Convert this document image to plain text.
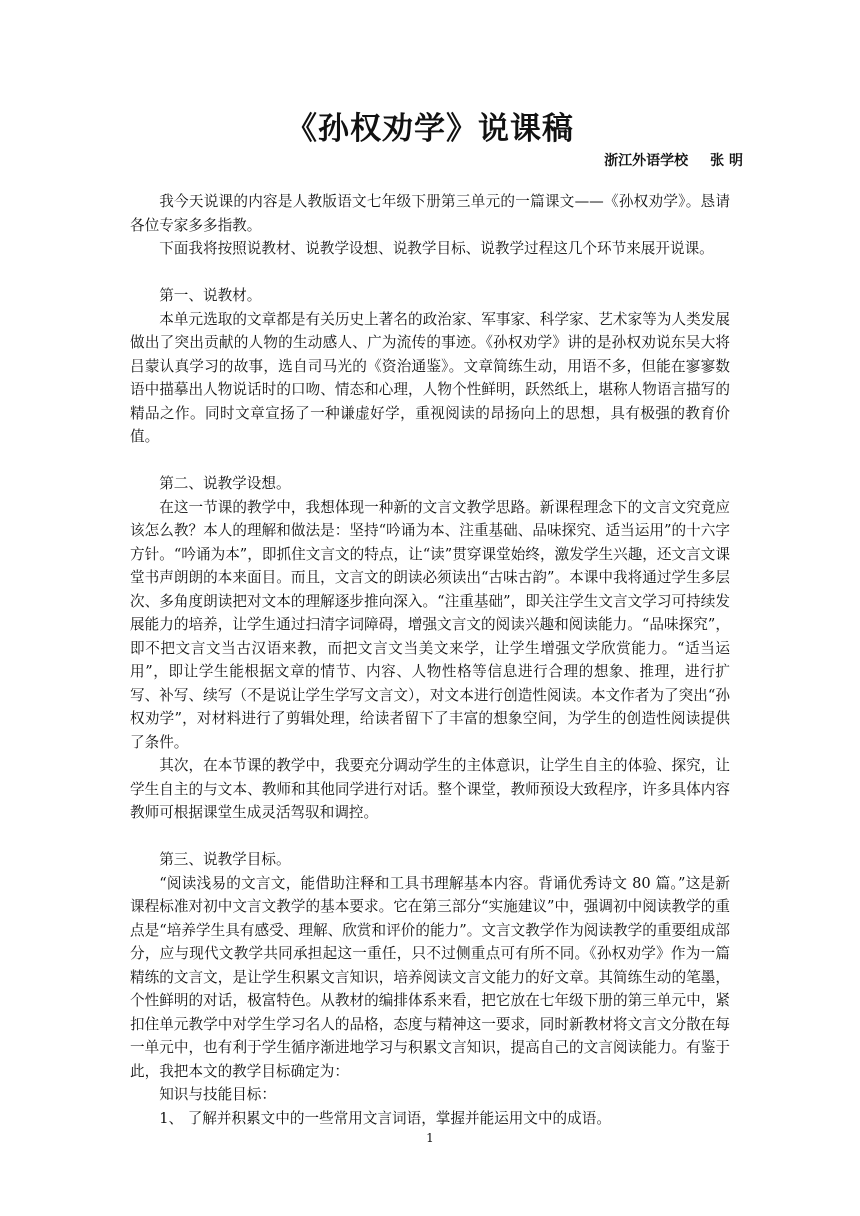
《孙权劝学》说课稿
浙江外语学校 张 明

我今天说课的内容是人教版语文七年级下册第三单元的一篇课文——《孙权劝学》。恳请各位专家多多指教。

下面我将按照说教材、说教学设想、说教学目标、说教学过程这几个环节来展开说课。

第一、说教材。

本单元选取的文章都是有关历史上著名的政治家、军事家、科学家、艺术家等为人类发展做出了突出贡献的人物的生动感人、广为流传的事迹。《孙权劝学》讲的是孙权劝说东吴大将吕蒙认真学习的故事，选自司马光的《资治通鉴》。文章简练生动，用语不多，但能在寥寥数语中描摹出人物说话时的口吻、情态和心理，人物个性鲜明，跃然纸上，堪称人物语言描写的精品之作。同时文章宣扬了一种谦虚好学，重视阅读的昂扬向上的思想，具有极强的教育价值。

第二、说教学设想。

在这一节课的教学中，我想体现一种新的文言文教学思路。新课程理念下的文言文究竟应该怎么教？本人的理解和做法是：坚持“吟诵为本、注重基础、品味探究、适当运用”的十六字方针。“吟诵为本”，即抓住文言文的特点，让“读”贯穿课堂始终，激发学生兴趣，还文言文课堂书声朗朗的本来面目。而且，文言文的朗读必须读出“古味古韵”。本课中我将通过学生多层次、多角度朗读把对文本的理解逐步推向深入。“注重基础”，即关注学生文言文学习可持续发展能力的培养，让学生通过扫清字词障碍，增强文言文的阅读兴趣和阅读能力。“品味探究”，即不把文言文当古汉语来教，而把文言文当美文来学，让学生增强文学欣赏能力。“适当运用”，即让学生能根据文章的情节、内容、人物性格等信息进行合理的想象、推理，进行扩写、补写、续写（不是说让学生学写文言文），对文本进行创造性阅读。本文作者为了突出“孙权劝学”，对材料进行了剪辑处理，给读者留下了丰富的想象空间，为学生的创造性阅读提供了条件。

其次，在本节课的教学中，我要充分调动学生的主体意识，让学生自主的体验、探究，让学生自主的与文本、教师和其他同学进行对话。整个课堂，教师预设大致程序，许多具体内容教师可根据课堂生成灵活驾驭和调控。

第三、说教学目标。

“阅读浅易的文言文，能借助注释和工具书理解基本内容。背诵优秀诗文 80 篇。”这是新课程标准对初中文言文教学的基本要求。它在第三部分“实施建议”中，强调初中阅读教学的重点是“培养学生具有感受、理解、欣赏和评价的能力”。文言文教学作为阅读教学的重要组成部分，应与现代文教学共同承担起这一重任，只不过侧重点可有所不同。《孙权劝学》作为一篇精练的文言文，是让学生积累文言知识，培养阅读文言文能力的好文章。其简练生动的笔墨，个性鲜明的对话，极富特色。从教材的编排体系来看，把它放在七年级下册的第三单元中，紧扣住单元教学中对学生学习名人的品格，态度与精神这一要求，同时新教材将文言文分散在每一单元中，也有利于学生循序渐进地学习与积累文言知识，提高自己的文言阅读能力。有鉴于此，我把本文的教学目标确定为：

知识与技能目标：

1、 了解并积累文中的一些常用文言词语，掌握并能运用文中的成语。

1
